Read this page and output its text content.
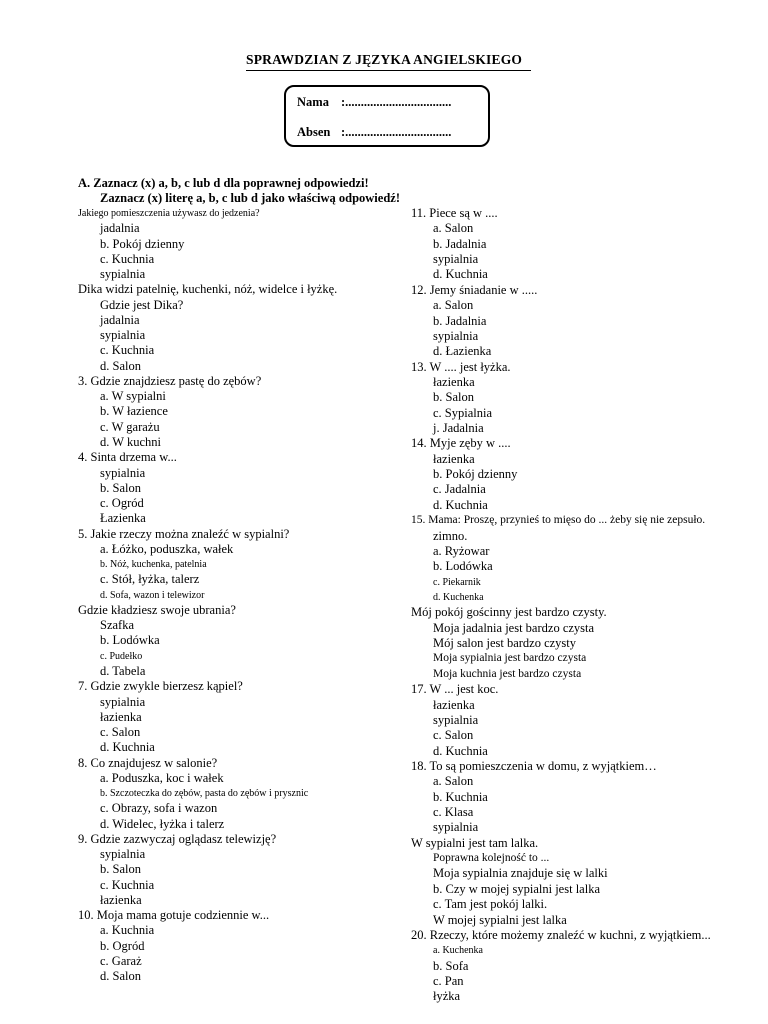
SPRAWDZIAN Z JĘZYKA ANGIELSKIEGO
Nama :..................................
Absen :..................................
A. Zaznacz (x) a, b, c lub d dla poprawnej odpowiedzi!
Zaznacz (x) literę a, b, c lub d jako właściwą odpowiedź!
Jakiego pomieszczenia używasz do jedzenia?
jadalnia
b. Pokój dzienny
c. Kuchnia
sypialnia
Dika widzi patelnię, kuchenki, nóż, widelce i łyżkę.
Gdzie jest Dika?
jadalnia
sypialnia
c. Kuchnia
d. Salon
3. Gdzie znajdziesz pastę do zębów?
a. W sypialni
b. W łazience
c. W garażu
d. W kuchni
4. Sinta drzema w...
sypialnia
b. Salon
c. Ogród
Łazienka
5. Jakie rzeczy można znaleźć w sypialni?
a. Łóżko, poduszka, wałek
b. Nóż, kuchenka, patelnia
c. Stół, łyżka, talerz
d. Sofa, wazon i telewizor
Gdzie kładziesz swoje ubrania?
Szafka
b. Lodówka
c. Pudełko
d. Tabela
7. Gdzie zwykle bierzesz kąpiel?
sypialnia
łazienka
c. Salon
d. Kuchnia
8. Co znajdujesz w salonie?
a. Poduszka, koc i wałek
b. Szczoteczka do zębów, pasta do zębów i prysznic
c. Obrazy, sofa i wazon
d. Widelec, łyżka i talerz
9. Gdzie zazwyczaj oglądasz telewizję?
sypialnia
b. Salon
c. Kuchnia
łazienka
10. Moja mama gotuje codziennie w...
a. Kuchnia
b. Ogród
c. Garaż
d. Salon
11. Piece są w ....
a. Salon
b. Jadalnia
sypialnia
d. Kuchnia
12. Jemy śniadanie w .....
a. Salon
b. Jadalnia
sypialnia
d. Łazienka
13. W .... jest łyżka.
łazienka
b. Salon
c. Sypialnia
j. Jadalnia
14. Myje zęby w ....
łazienka
b. Pokój dzienny
c. Jadalnia
d. Kuchnia
15. Mama: Proszę, przynieś to mięso do ... żeby się nie zepsuło.
zimno.
a. Ryżowar
b. Lodówka
c. Piekarnik
d. Kuchenka
Mój pokój gościnny jest bardzo czysty.
Moja jadalnia jest bardzo czysta
Mój salon jest bardzo czysty
Moja sypialnia jest bardzo czysta
Moja kuchnia jest bardzo czysta
17. W ... jest koc.
łazienka
sypialnia
c. Salon
d. Kuchnia
18. To są pomieszczenia w domu, z wyjątkiem…
a. Salon
b. Kuchnia
c. Klasa
sypialnia
W sypialni jest tam lalka.
Poprawna kolejność to ...
Moja sypialnia znajduje się w lalki
b. Czy w mojej sypialni jest lalka
c. Tam jest pokój lalki.
W mojej sypialni jest lalka
20. Rzeczy, które możemy znaleźć w kuchni, z wyjątkiem...
a. Kuchenka
b. Sofa
c. Pan
łyżka
